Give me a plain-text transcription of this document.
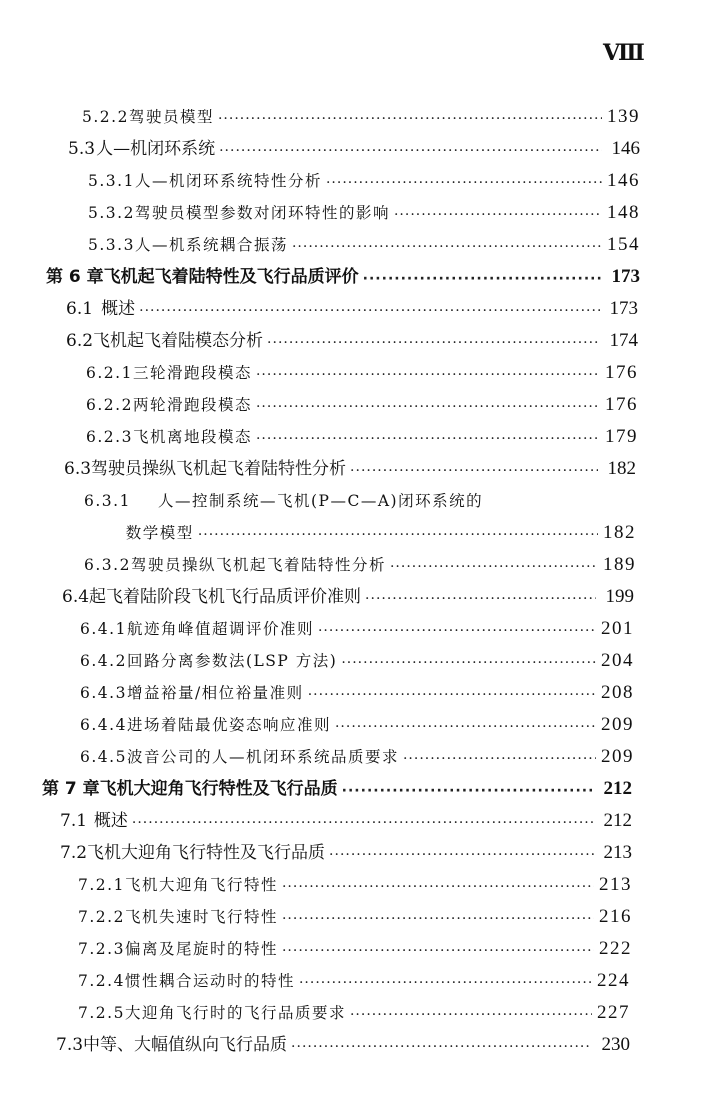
Ⅷ
5.2.2 驾驶员模型 ·····	139
5.3 人—机闭环系统 ·····	146
5.3.1 人—机闭环系统特性分析 ·····	146
5.3.2 驾驶员模型参数对闭环特性的影响 ·····	148
5.3.3 人—机系统耦合振荡 ·····	154
第 6 章 飞机起飞着陆特性及飞行品质评价 ·····	173
6.1 概述 ·····	173
6.2 飞机起飞着陆模态分析 ·····	174
6.2.1 三轮滑跑段模态 ·····	176
6.2.2 两轮滑跑段模态 ·····	176
6.2.3 飞机离地段模态 ·····	179
6.3 驾驶员操纵飞机起飞着陆特性分析 ·····	182
6.3.1	人—控制系统—飞机(P—C—A)闭环系统的
数学模型 ·····	182
6.3.2 驾驶员操纵飞机起飞着陆特性分析 ·····	189
6.4 起飞着陆阶段飞机飞行品质评价准则 ·····	199
6.4.1 航迹角峰值超调评价准则 ·····	201
6.4.2 回路分离参数法(LSP 方法) ·····	204
6.4.3 增益裕量/相位裕量准则 ·····	208
6.4.4 进场着陆最优姿态响应准则 ·····	209
6.4.5 波音公司的人—机闭环系统品质要求 ·····	209
第 7 章 飞机大迎角飞行特性及飞行品质 ·····	212
7.1 概述 ·····	212
7.2 飞机大迎角飞行特性及飞行品质 ·····	213
7.2.1 飞机大迎角飞行特性 ·····	213
7.2.2 飞机失速时飞行特性 ·····	216
7.2.3 偏离及尾旋时的特性 ·····	222
7.2.4 惯性耦合运动时的特性 ·····	224
7.2.5 大迎角飞行时的飞行品质要求 ·····	227
7.3 中等、大幅值纵向飞行品质 ·····	230
